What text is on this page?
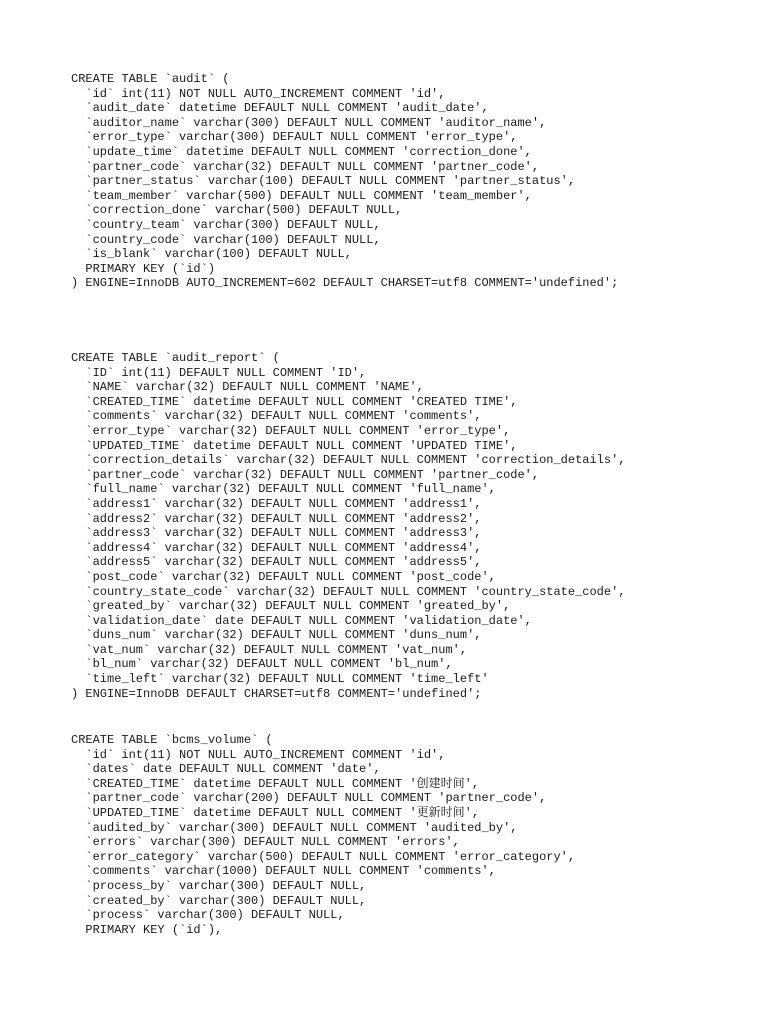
CREATE TABLE `audit` (
`id` int(11) NOT NULL AUTO_INCREMENT COMMENT 'id',
`audit_date` datetime DEFAULT NULL COMMENT 'audit_date',
`auditor_name` varchar(300) DEFAULT NULL COMMENT 'auditor_name',
`error_type` varchar(300) DEFAULT NULL COMMENT 'error_type',
`update_time` datetime DEFAULT NULL COMMENT 'correction_done',
`partner_code` varchar(32) DEFAULT NULL COMMENT 'partner_code',
`partner_status` varchar(100) DEFAULT NULL COMMENT 'partner_status',
`team_member` varchar(500) DEFAULT NULL COMMENT 'team_member',
`correction_done` varchar(500) DEFAULT NULL,
`country_team` varchar(300) DEFAULT NULL,
`country_code` varchar(100) DEFAULT NULL,
`is_blank` varchar(100) DEFAULT NULL,
PRIMARY KEY (`id`)
) ENGINE=InnoDB AUTO_INCREMENT=602 DEFAULT CHARSET=utf8 COMMENT='undefined';
CREATE TABLE `audit_report` (
`ID` int(11) DEFAULT NULL COMMENT 'ID',
`NAME` varchar(32) DEFAULT NULL COMMENT 'NAME',
`CREATED_TIME` datetime DEFAULT NULL COMMENT 'CREATED TIME',
`comments` varchar(32) DEFAULT NULL COMMENT 'comments',
`error_type` varchar(32) DEFAULT NULL COMMENT 'error_type',
`UPDATED_TIME` datetime DEFAULT NULL COMMENT 'UPDATED TIME',
`correction_details` varchar(32) DEFAULT NULL COMMENT 'correction_details',
`partner_code` varchar(32) DEFAULT NULL COMMENT 'partner_code',
`full_name` varchar(32) DEFAULT NULL COMMENT 'full_name',
`address1` varchar(32) DEFAULT NULL COMMENT 'address1',
`address2` varchar(32) DEFAULT NULL COMMENT 'address2',
`address3` varchar(32) DEFAULT NULL COMMENT 'address3',
`address4` varchar(32) DEFAULT NULL COMMENT 'address4',
`address5` varchar(32) DEFAULT NULL COMMENT 'address5',
`post_code` varchar(32) DEFAULT NULL COMMENT 'post_code',
`country_state_code` varchar(32) DEFAULT NULL COMMENT 'country_state_code',
`greated_by` varchar(32) DEFAULT NULL COMMENT 'greated_by',
`validation_date` date DEFAULT NULL COMMENT 'validation_date',
`duns_num` varchar(32) DEFAULT NULL COMMENT 'duns_num',
`vat_num` varchar(32) DEFAULT NULL COMMENT 'vat_num',
`bl_num` varchar(32) DEFAULT NULL COMMENT 'bl_num',
`time_left` varchar(32) DEFAULT NULL COMMENT 'time_left'
) ENGINE=InnoDB DEFAULT CHARSET=utf8 COMMENT='undefined';
CREATE TABLE `bcms_volume` (
`id` int(11) NOT NULL AUTO_INCREMENT COMMENT 'id',
`dates` date DEFAULT NULL COMMENT 'date',
`CREATED_TIME` datetime DEFAULT NULL COMMENT '创建时间',
`partner_code` varchar(200) DEFAULT NULL COMMENT 'partner_code',
`UPDATED_TIME` datetime DEFAULT NULL COMMENT '更新时间',
`audited_by` varchar(300) DEFAULT NULL COMMENT 'audited_by',
`errors` varchar(300) DEFAULT NULL COMMENT 'errors',
`error_category` varchar(500) DEFAULT NULL COMMENT 'error_category',
`comments` varchar(1000) DEFAULT NULL COMMENT 'comments',
`process_by` varchar(300) DEFAULT NULL,
`created_by` varchar(300) DEFAULT NULL,
`process` varchar(300) DEFAULT NULL,
PRIMARY KEY (`id`),
